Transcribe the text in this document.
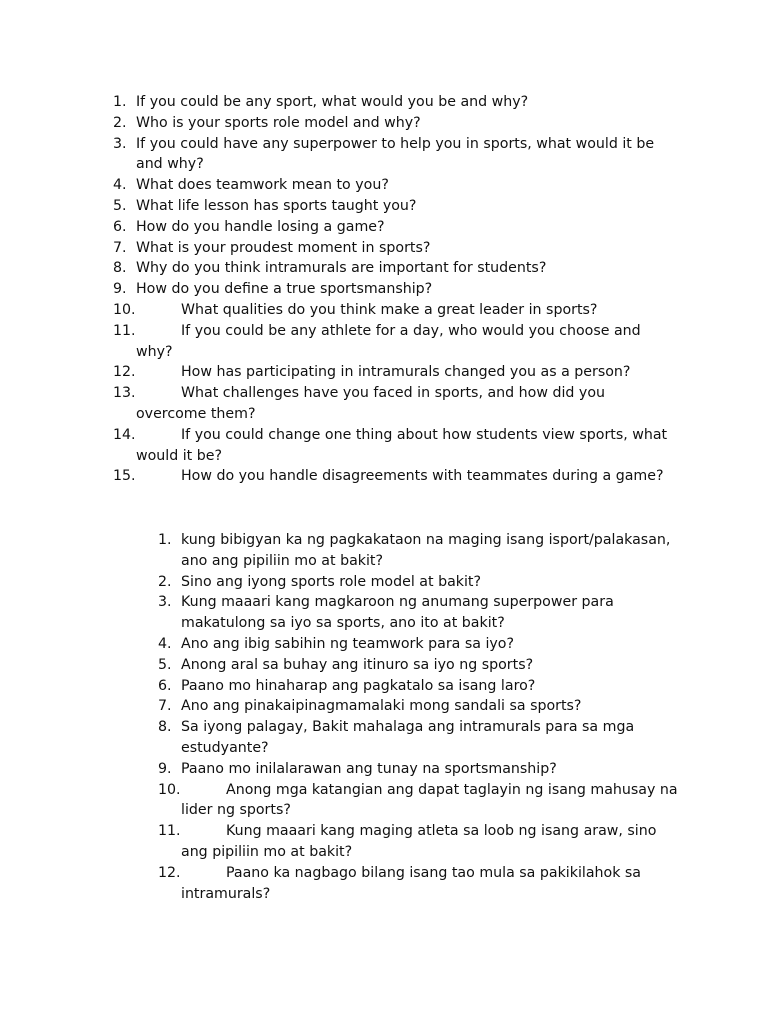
1. If you could be any sport, what would you be and why?
2. Who is your sports role model and why?
3. If you could have any superpower to help you in sports, what would it be and why?
4. What does teamwork mean to you?
5. What life lesson has sports taught you?
6. How do you handle losing a game?
7. What is your proudest moment in sports?
8. Why do you think intramurals are important for students?
9. How do you define a true sportsmanship?
10.	What qualities do you think make a great leader in sports?
11.	If you could be any athlete for a day, who would you choose and why?
12.	How has participating in intramurals changed you as a person?
13.	What challenges have you faced in sports, and how did you overcome them?
14.	If you could change one thing about how students view sports, what would it be?
15.	How do you handle disagreements with teammates during a game?
1. kung bibigyan ka ng pagkakataon na maging isang isport/palakasan, ano ang pipiliin mo at bakit?
2. Sino ang iyong sports role model at bakit?
3. Kung maaari kang magkaroon ng anumang superpower para makatulong sa iyo sa sports, ano ito at bakit?
4. Ano ang ibig sabihin ng teamwork para sa iyo?
5. Anong aral sa buhay ang itinuro sa iyo ng sports?
6. Paano mo hinaharap ang pagkatalo sa isang laro?
7. Ano ang pinakaipinagmamalaki mong sandali sa sports?
8. Sa iyong palagay, Bakit mahalaga ang intramurals para sa mga estudyante?
9. Paano mo inilalarawan ang tunay na sportsmanship?
10.	Anong mga katangian ang dapat taglayin ng isang mahusay na lider ng sports?
11.	Kung maaari kang maging atleta sa loob ng isang araw, sino ang pipiliin mo at bakit?
12.	Paano ka nagbago bilang isang tao mula sa pakikilahok sa intramurals?
